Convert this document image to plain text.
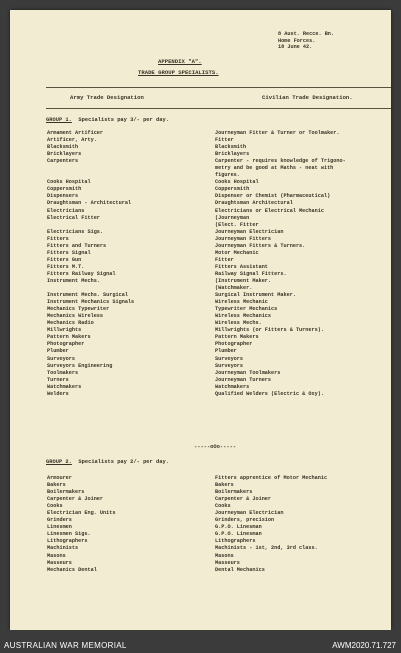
8 Aust. Recce. Bn.
Home Forces.
18 June 42.
APPENDIX "A".
TRADE GROUP SPECIALISTS.
Army Trade Designation	Civilian Trade Designation.
GROUP 1. Specialists pay 3/- per day.
Armament Artificer
Artificer, Arty.
Blacksmith
Bricklayers
Carpenters
Cooks Hospital
Coppersmith
Dispensers
Draughtsman - Architectural
Electricians
Electrical Fitter
Electricians Sigs.
Fitters
Fitters and Turners
Fitters Signal
Fitters Gun
Fitters M.T.
Fitters Railway Signal
Instrument Mechs.
Instrument Mechs. Surgical
Instrument Mechanics Signals
Mechanics Typewriter
Mechanics Wireless
Mechanics Radio
Millwrights
Pattern Makers
Photographer
Plumber
Surveyors
Surveyors Engineering
Toolmakers
Turners
Watchmakers
Welders
Journeyman Fitter & Turner or Toolmaker.
Fitter
Blacksmith
Bricklayers
Carpenter - requires knowledge of Trigono-
metry and be good at Maths - neat with
figures.
Cooks Hospital
Coppersmith
Dispenser or Chemist (Pharmaceutical)
Draughtsman Architectural
Electricians or Electrical Mechanic
(Journeyman
(Elect. Fitter
Journeyman Electrician
Journeyman Fitters
Journeyman Fitters & Turners.
Motor Mechanic
Fitter
Fitters Assistant
Railway Signal Fitters.
(Instrument Maker.
(Watchmaker.
Surgical Instrument Maker.
Wireless Mechanic
Typewriter Mechanics
Wireless Mechanics
Wireless Mechs.
Millwrights (or Fitters & Turners).
Pattern Makers
Photographer
Plumber
Surveyors
Surveyors
Journeyman Toolmakers
Journeyman Turners
Watchmakers
Qualified Welders (Electric & Oxy).
-----oOo-----
GROUP 2. Specialists pay 2/- per day.
Armourer
Bakers
Boilermakers
Carpenter & Joiner
Cooks
Electrician Eng. Units
Grinders
Linesmen
Linesmen Sigs.
Lithographers
Machinists
Masons
Masseurs
Mechanics Dental
Fitters apprentice of Motor Mechanic
Bakers
Boilermakers
Carpenter & Joiner
Cooks
Journeyman Electrician
Grinders, precision
G.P.O. Linesman
G.P.O. Linesman
Lithographers
Machinists - 1st, 2nd, 3rd class.
Masons
Masseurs
Dental Mechanics
AUSTRALIAN WAR MEMORIAL	AWM2020.71.727
